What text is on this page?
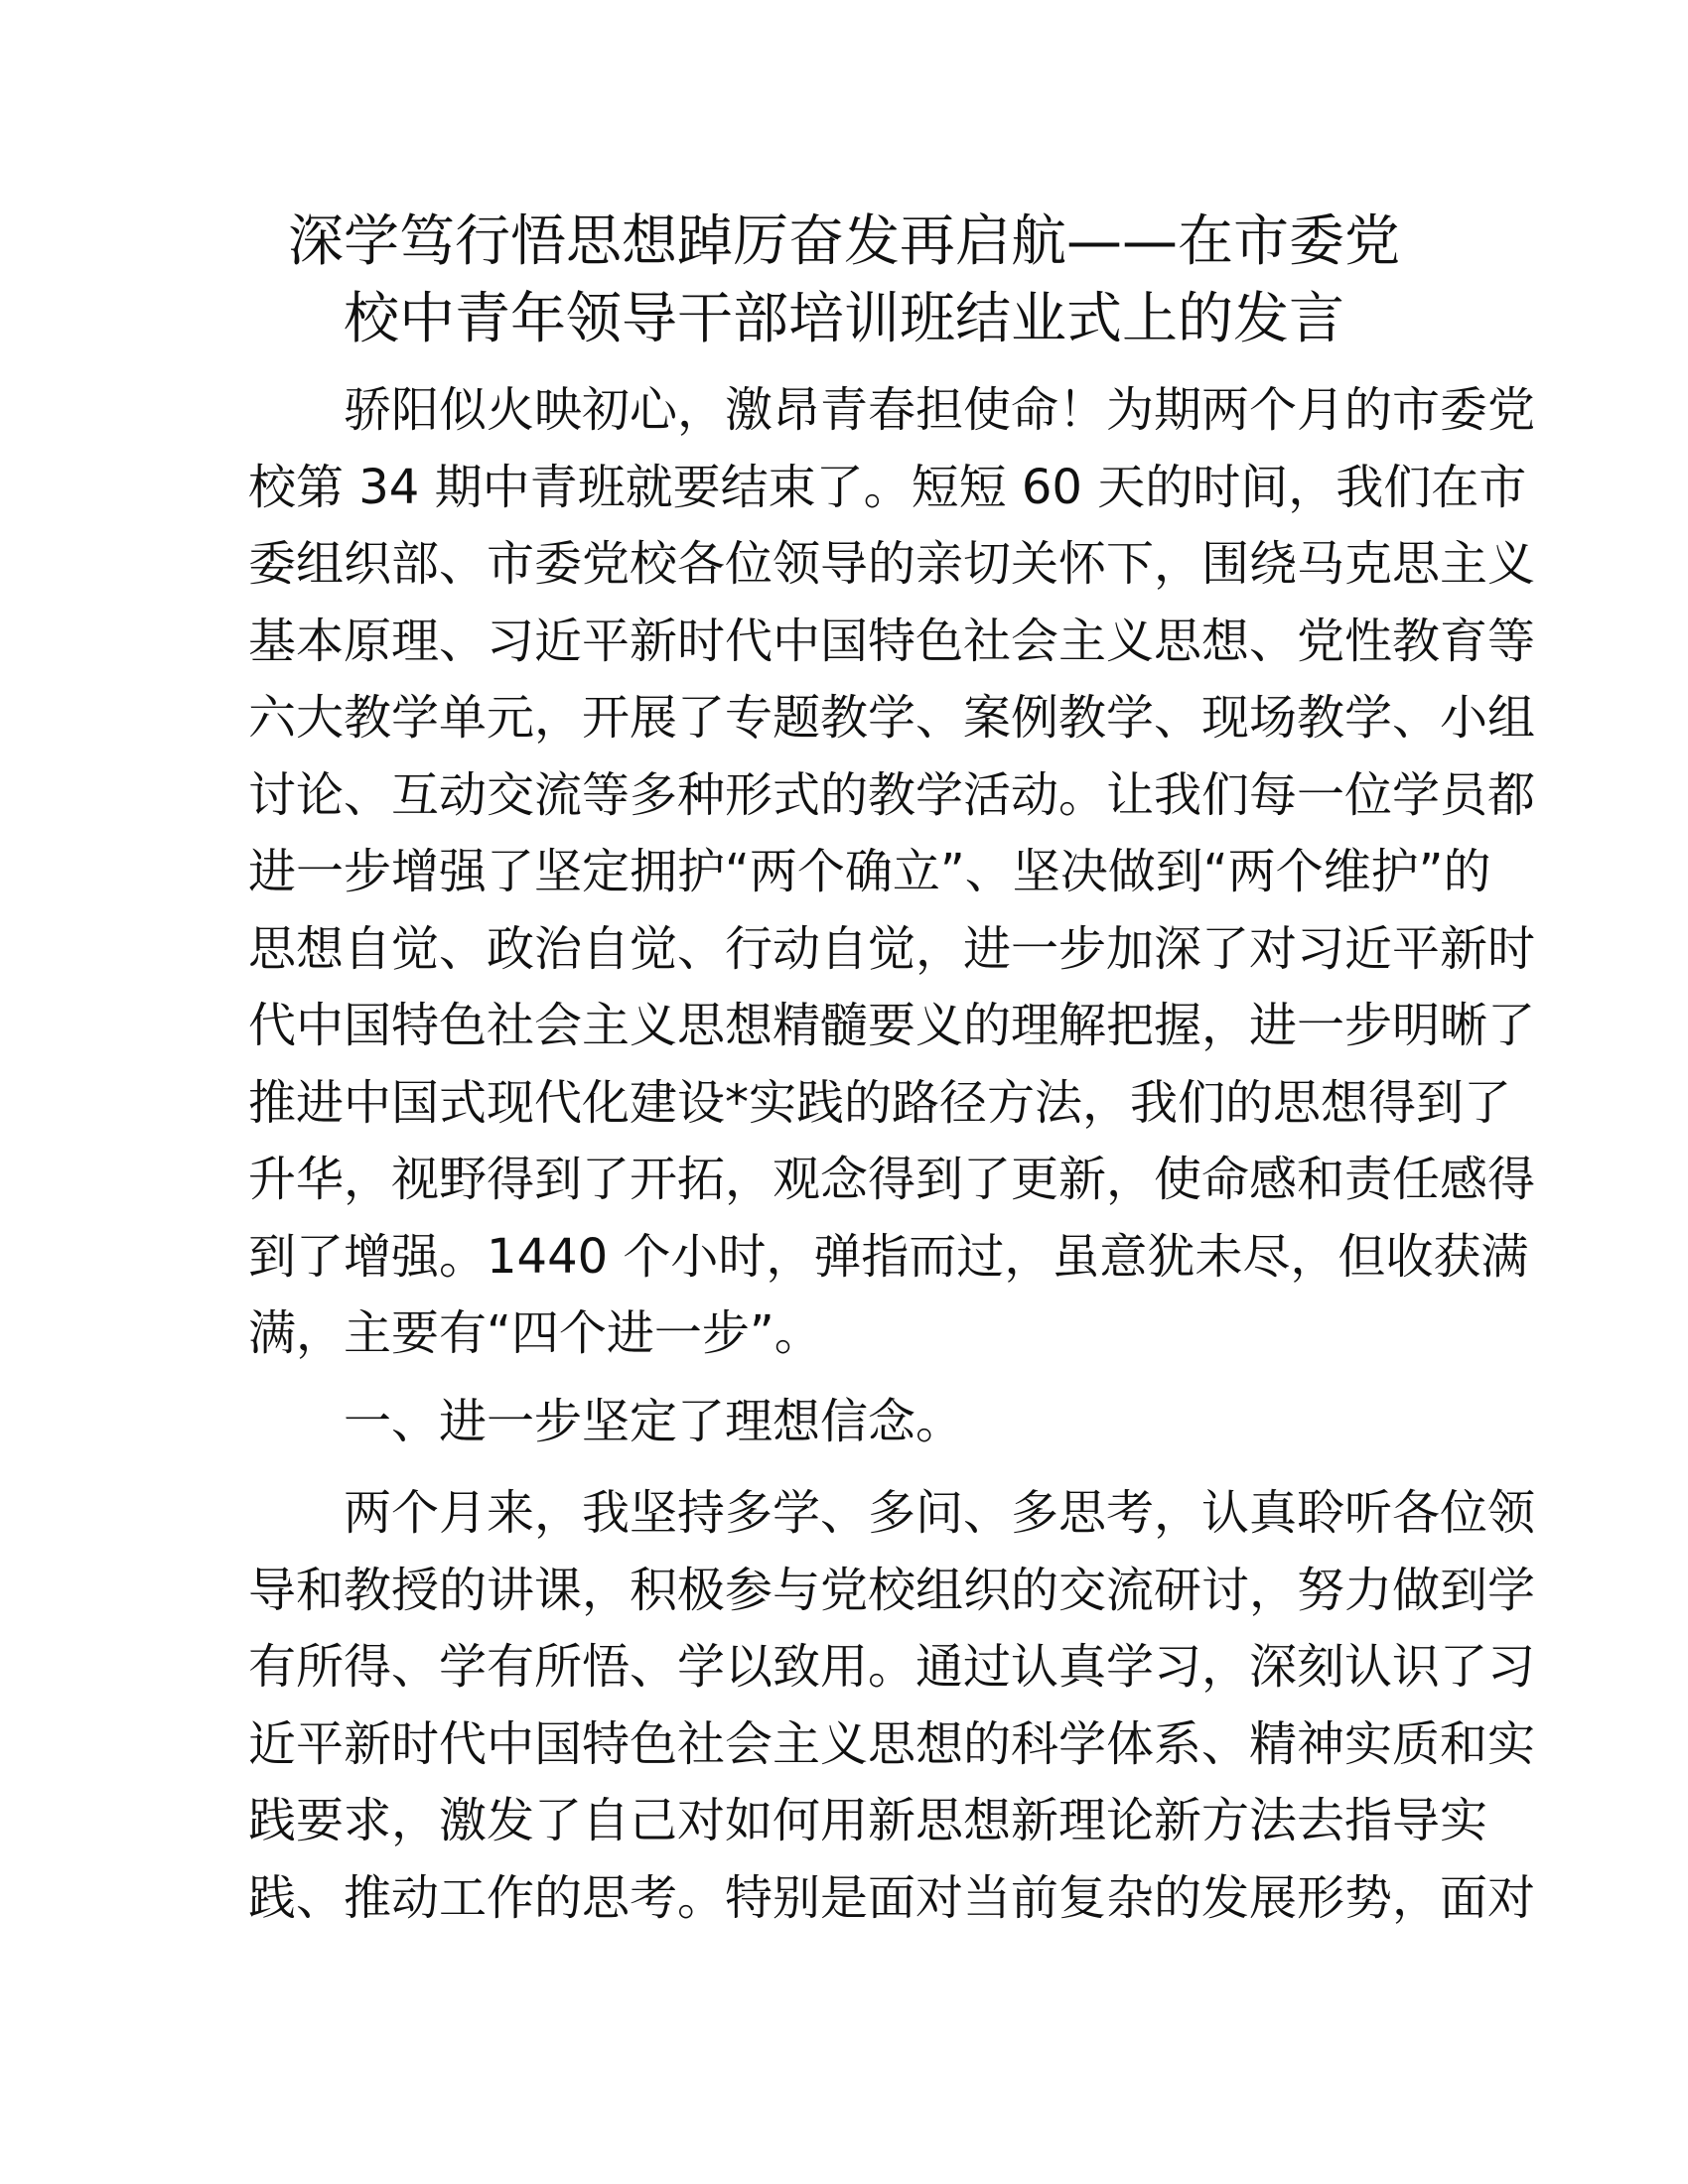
深学笃行悟思想踔厉奋发再启航——在市委党
校中青年领导干部培训班结业式上的发言
骄阳似火映初心，激昂青春担使命！为期两个月的市委党
校第 34 期中青班就要结束了。短短 60 天的时间，我们在市
委组织部、市委党校各位领导的亲切关怀下，围绕马克思主义
基本原理、习近平新时代中国特色社会主义思想、党性教育等
六大教学单元，开展了专题教学、案例教学、现场教学、小组
讨论、互动交流等多种形式的教学活动。让我们每一位学员都
进一步增强了坚定拥护“两个确立”、坚决做到“两个维护”的
思想自觉、政治自觉、行动自觉，进一步加深了对习近平新时
代中国特色社会主义思想精髓要义的理解把握，进一步明晰了
推进中国式现代化建设*实践的路径方法，我们的思想得到了
升华，视野得到了开拓，观念得到了更新，使命感和责任感得
到了增强。1440 个小时，弹指而过，虽意犹未尽，但收获满
满，主要有“四个进一步”。
一、进一步坚定了理想信念。
两个月来，我坚持多学、多问、多思考，认真聆听各位领
导和教授的讲课，积极参与党校组织的交流研讨，努力做到学
有所得、学有所悟、学以致用。通过认真学习，深刻认识了习
近平新时代中国特色社会主义思想的科学体系、精神实质和实
践要求，激发了自己对如何用新思想新理论新方法去指导实
践、推动工作的思考。特别是面对当前复杂的发展形势，面对
